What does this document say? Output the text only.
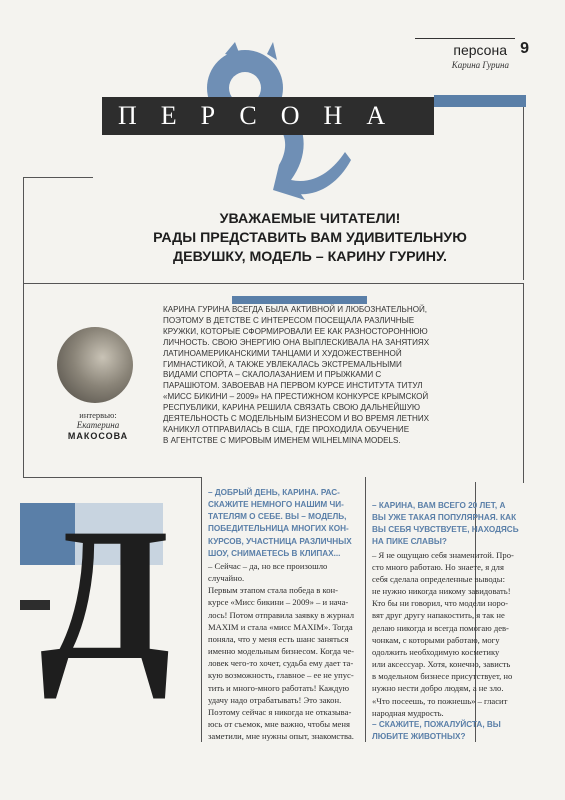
персона 9
Карина Гурина
ПЕРСОНА
УВАЖАЕМЫЕ ЧИТАТЕЛИ!
РАДЫ ПРЕДСТАВИТЬ ВАМ УДИВИТЕЛЬНУЮ
ДЕВУШКУ, МОДЕЛЬ – КАРИНУ ГУРИНУ.
КАРИНА ГУРИНА ВСЕГДА БЫЛА АКТИВНОЙ И ЛЮБОЗНАТЕЛЬНОЙ,
ПОЭТОМУ В ДЕТСТВЕ С ИНТЕРЕСОМ ПОСЕЩАЛА РАЗЛИЧНЫЕ
КРУЖКИ, КОТОРЫЕ СФОРМИРОВАЛИ ЕЕ КАК РАЗНОСТОРОННЮЮ
ЛИЧНОСТЬ. СВОЮ ЭНЕРГИЮ ОНА ВЫПЛЕСКИВАЛА НА ЗАНЯТИЯХ
ЛАТИНОАМЕРИКАНСКИМИ ТАНЦАМИ И ХУДОЖЕСТВЕННОЙ
ГИМНАСТИКОЙ, А ТАКЖЕ УВЛЕКАЛАСЬ ЭКСТРЕМАЛЬНЫМИ
ВИДАМИ СПОРТА – СКАЛОЛАЗАНИЕМ И ПРЫЖКАМИ С
ПАРАШЮТОМ. ЗАВОЕВАВ НА ПЕРВОМ КУРСЕ ИНСТИТУТА ТИТУЛ
«МИСС БИКИНИ – 2009» НА ПРЕСТИЖНОМ КОНКУРСЕ КРЫМСКОЙ
РЕСПУБЛИКИ, КАРИНА РЕШИЛА СВЯЗАТЬ СВОЮ ДАЛЬНЕЙШУЮ
ДЕЯТЕЛЬНОСТЬ С МОДЕЛЬНЫМ БИЗНЕСОМ И ВО ВРЕМЯ ЛЕТНИХ
КАНИКУЛ ОТПРАВИЛАСЬ В США, ГДЕ ПРОХОДИЛА ОБУЧЕНИЕ
В АГЕНТСТВЕ С МИРОВЫМ ИМЕНЕМ WILHELMINA MODELS.
интервью:
Екатерина
МАКОСОВА
Д	– ДОБРЫЙ ДЕНЬ, КАРИНА. РАС-
СКАЖИТЕ НЕМНОГО НАШИМ ЧИ-
ТАТЕЛЯМ О СЕБЕ. ВЫ – МОДЕЛЬ,
ПОБЕДИТЕЛЬНИЦА МНОГИХ КОН-
КУРСОВ, УЧАСТНИЦА РАЗЛИЧНЫХ
ШОУ, СНИМАЕТЕСЬ В КЛИПАХ...
– Сейчас – да, но все произошло случайно.
Первым этапом стала победа в кон-
курсе «Мисс бикини – 2009» – и нача-
лось! Потом отправила заявку в журнал
MAXIM и стала «мисс MAXIM». Тогда
поняла, что у меня есть шанс заняться
именно модельным бизнесом. Когда че-
ловек чего-то хочет, судьба ему дает та-
кую возможность, главное – ее не упус-
тить и много-много работать! Каждую
удачу надо отрабатывать! Это закон.
Поэтому сейчас я никогда не отказыва-
юсь от съемок, мне важно, чтобы меня
заметили, мне нужны опыт, знакомства.
– КАРИНА, ВАМ ВСЕГО 20 ЛЕТ, А
ВЫ УЖЕ ТАКАЯ ПОПУЛЯРНАЯ. КАК
ВЫ СЕБЯ ЧУВСТВУЕТЕ, НАХОДЯСЬ
НА ПИКЕ СЛАВЫ?
– Я не ощущаю себя знаменитой. Про-
сто много работаю. Но знаете, я для
себя сделала определенные выводы:
не нужно никогда никому завидовать!
Кто бы ни говорил, что модели норо-
вят друг другу напакостить, я так не
делаю никогда и всегда помогаю дев-
чонкам, с которыми работаю, могу
одолжить необходимую косметику
или аксессуар. Хотя, конечно, зависть
в модельном бизнесе присутствует, но
нужно нести добро людям, а не зло.
«Что посеешь, то пожнешь» – гласит
народная мудрость.
– СКАЖИТЕ, ПОЖАЛУЙСТА, ВЫ
ЛЮБИТЕ ЖИВОТНЫХ?
